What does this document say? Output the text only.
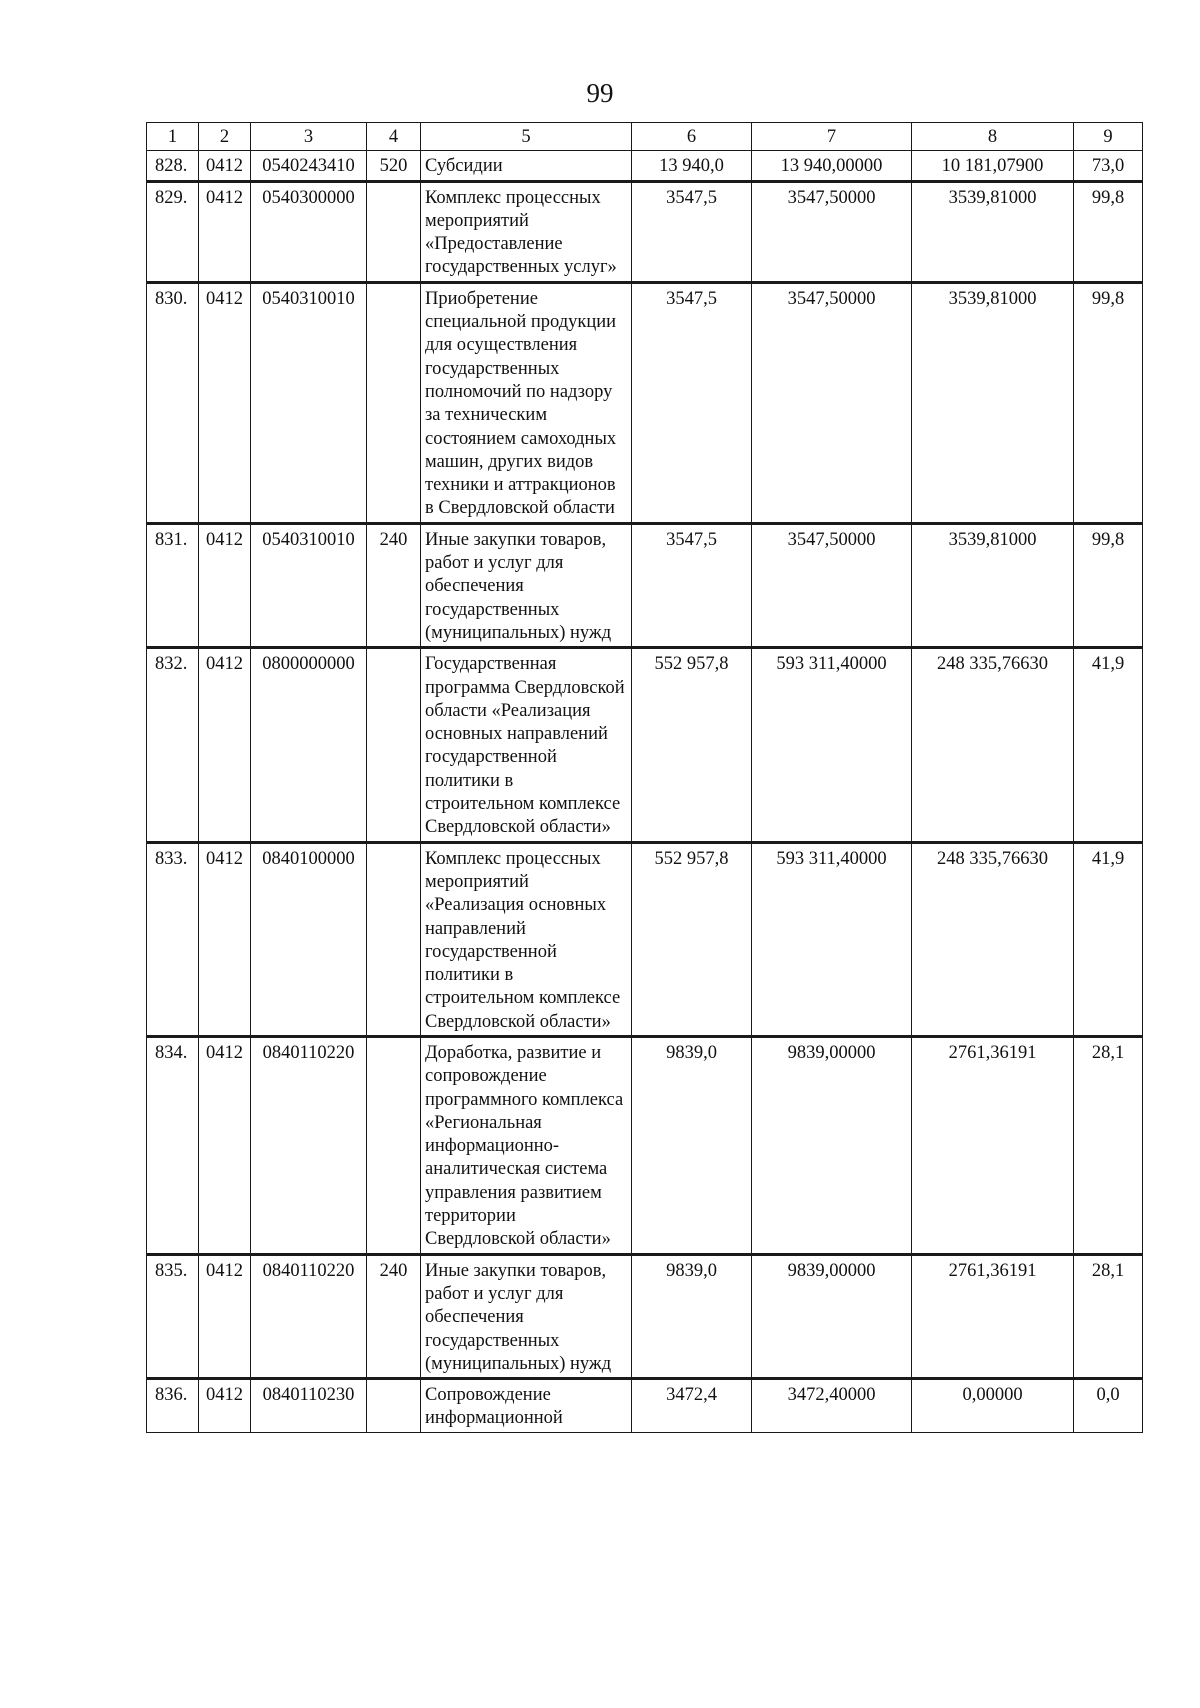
99
1	2	3	4	5	6	7	8	9
828.	0412	0540243410	520	Субсидии	13 940,0	13 940,00000	10 181,07900	73,0
829.	0412	0540300000		Комплекс процессных мероприятий «Предоставление государственных услуг»	3547,5	3547,50000	3539,81000	99,8
830.	0412	0540310010		Приобретение специальной продукции для осуществления государственных полномочий по надзору за техническим состоянием самоходных машин, других видов техники и аттракционов в Свердловской области	3547,5	3547,50000	3539,81000	99,8
831.	0412	0540310010	240	Иные закупки товаров, работ и услуг для обеспечения государственных (муниципальных) нужд	3547,5	3547,50000	3539,81000	99,8
832.	0412	0800000000		Государственная программа Свердловской области «Реализация основных направлений государственной политики в строительном комплексе Свердловской области»	552 957,8	593 311,40000	248 335,76630	41,9
833.	0412	0840100000		Комплекс процессных мероприятий «Реализация основных направлений государственной политики в строительном комплексе Свердловской области»	552 957,8	593 311,40000	248 335,76630	41,9
834.	0412	0840110220		Доработка, развитие и сопровождение программного комплекса «Региональная информационно-аналитическая система управления развитием территории Свердловской области»	9839,0	9839,00000	2761,36191	28,1
835.	0412	0840110220	240	Иные закупки товаров, работ и услуг для обеспечения государственных (муниципальных) нужд	9839,0	9839,00000	2761,36191	28,1
836.	0412	0840110230		Сопровождение информационной	3472,4	3472,40000	0,00000	0,0
